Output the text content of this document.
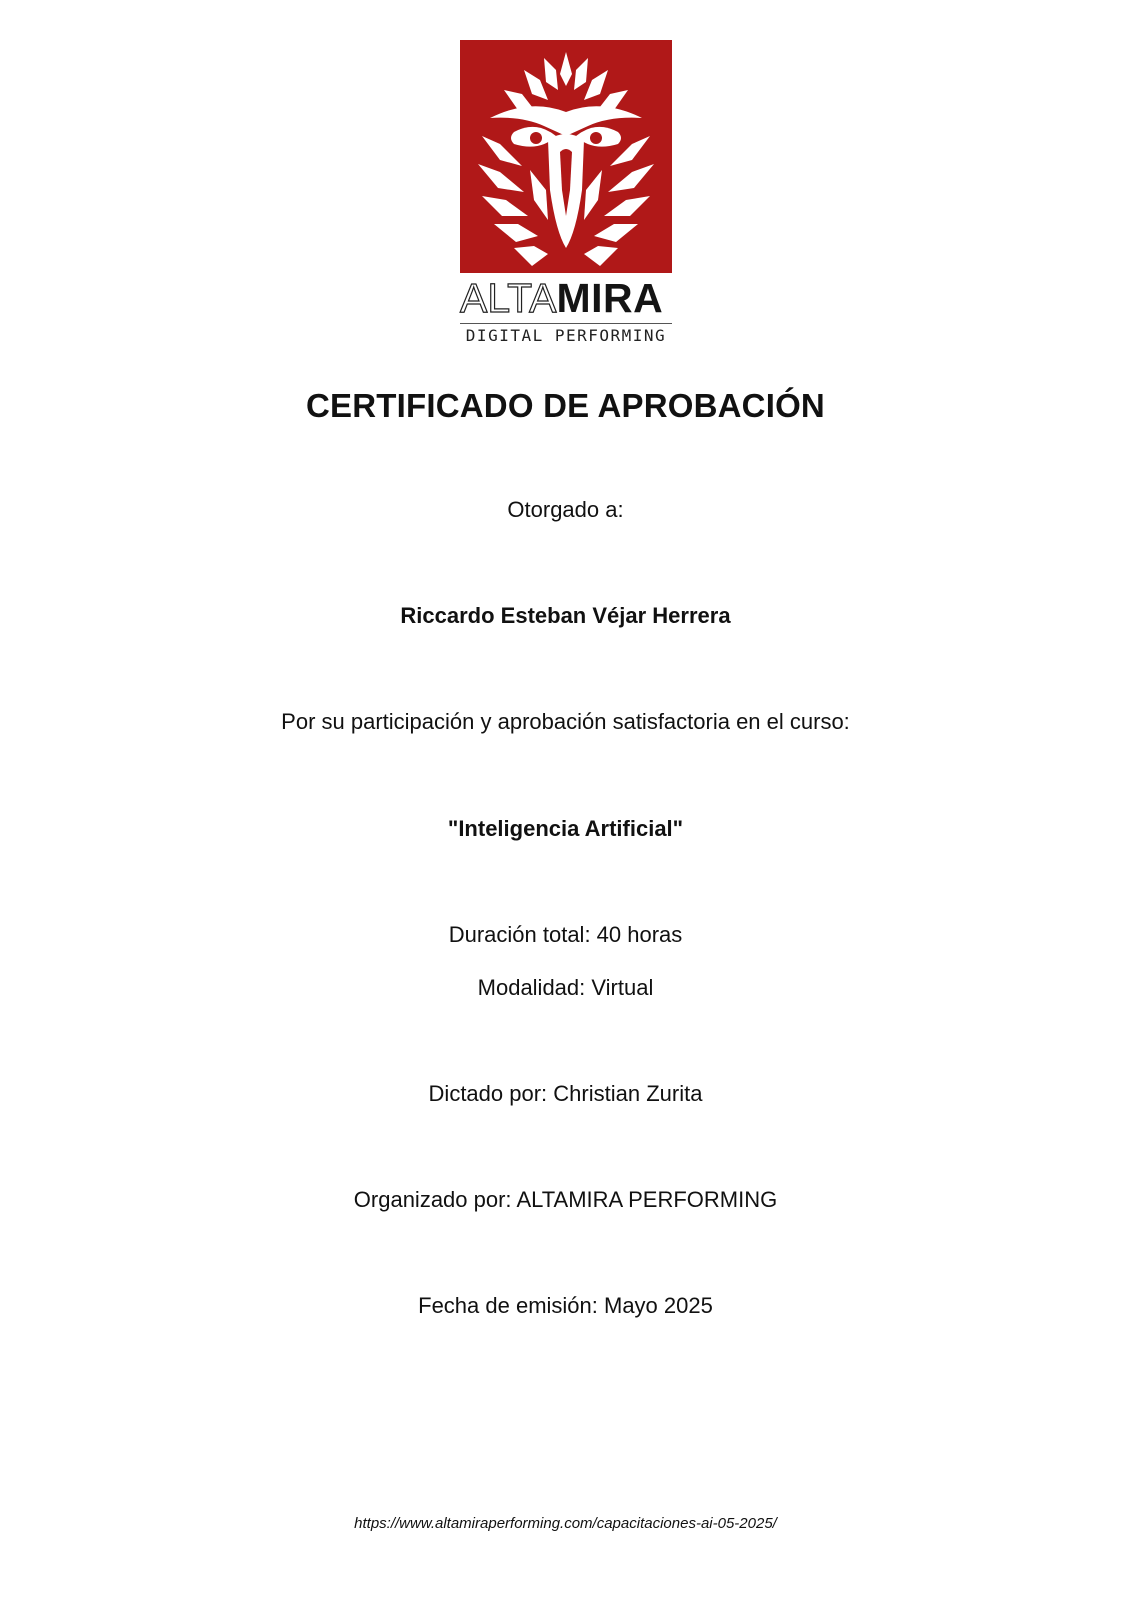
ALTAMIRA
DIGITAL PERFORMING
CERTIFICADO DE APROBACIÓN
Otorgado a:
Riccardo Esteban Véjar Herrera
Por su participación y aprobación satisfactoria en el curso:
"Inteligencia Artificial"
Duración total: 40 horas
Modalidad: Virtual
Dictado por: Christian Zurita
Organizado por: ALTAMIRA PERFORMING
Fecha de emisión: Mayo 2025
https://www.altamiraperforming.com/capacitaciones-ai-05-2025/
